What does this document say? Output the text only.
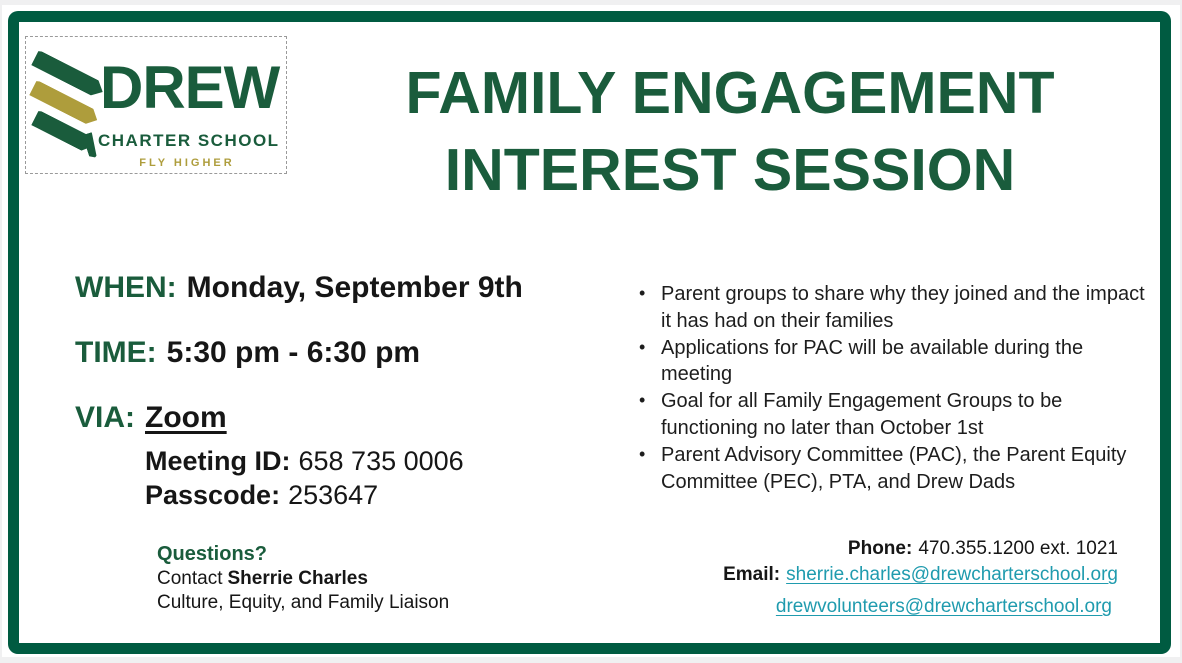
DREW
CHARTER SCHOOL
FLY HIGHER
FAMILY ENGAGEMENT
INTEREST SESSION
WHEN: Monday, September 9th
TIME: 5:30 pm - 6:30 pm
VIA: Zoom
Meeting ID: 658 735 0006
Passcode: 253647
Questions?
Contact Sherrie Charles
Culture, Equity, and Family Liaison
• Parent groups to share why they joined and the impact it has had on their families
• Applications for PAC will be available during the meeting
• Goal for all Family Engagement Groups to be functioning no later than October 1st
• Parent Advisory Committee (PAC), the Parent Equity Committee (PEC), PTA, and Drew Dads
Phone: 470.355.1200 ext. 1021
Email: sherrie.charles@drewcharterschool.org
drewvolunteers@drewcharterschool.org
